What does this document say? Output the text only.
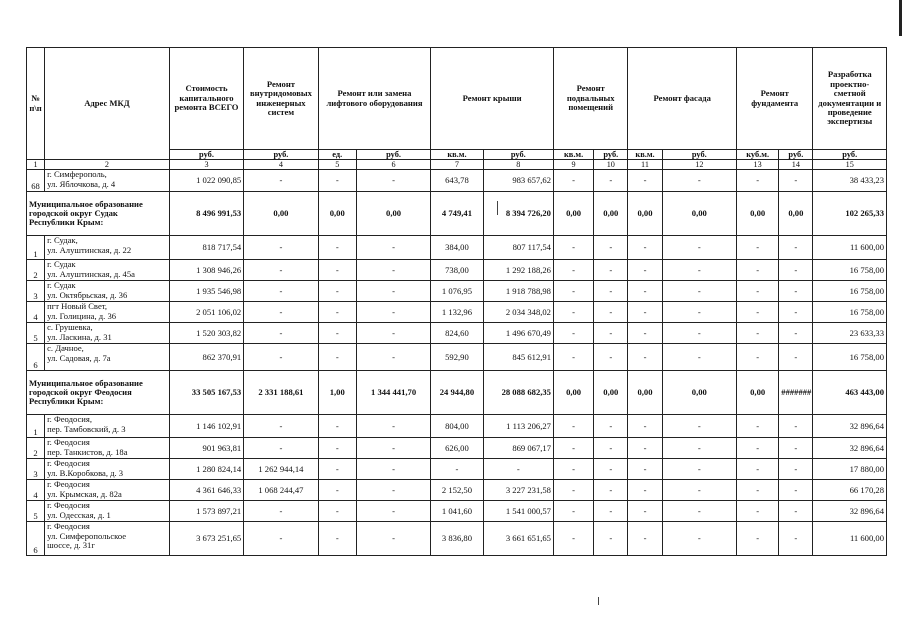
№ п\п	Адрес МКД	Стоимость капитального ремонта ВСЕГО	Ремонт внутридомовых инженерных систем	Ремонт или замена лифтового оборудования		Ремонт крыши		Ремонт подвальных помещений		Ремонт фасада		Ремонт фундамента		Разработка проектно-сметной документации и проведение экспертизы
		руб.	руб.	ед.	руб.	кв.м.	руб.	кв.м.	руб.	кв.м.	руб.	куб.м.	руб.	руб.
1	2	3	4	5	6	7	8	9	10	11	12	13	14	15
68	г. Симферополь,
ул. Яблочкова, д. 4	1 022 090,85	-	-	-	643,78	983 657,62	-	-	-	-	-	-	38 433,23
Муниципальное образование
городской округ Судак
Республики Крым:		8 496 991,53	0,00	0,00	0,00	4 749,41	8 394 726,20	0,00	0,00	0,00	0,00	0,00	0,00	102 265,33
1	г. Судак,
ул. Алуштинская, д. 22	818 717,54	-	-	-	384,00	807 117,54	-	-	-	-	-	-	11 600,00
2	г. Судак
ул. Алуштинская, д. 45а	1 308 946,26	-	-	-	738,00	1 292 188,26	-	-	-	-	-	-	16 758,00
3	г. Судак
ул. Октябрьская, д. 36	1 935 546,98	-	-	-	1 076,95	1 918 788,98	-	-	-	-	-	-	16 758,00
4	пгт Новый Свет,
ул. Голицина, д. 36	2 051 106,02	-	-	-	1 132,96	2 034 348,02	-	-	-	-	-	-	16 758,00
5	с. Грушевка,
ул. Ласкина, д. 31	1 520 303,82	-	-	-	824,60	1 496 670,49	-	-	-	-	-	-	23 633,33
6	с. Дачное,
ул. Садовая, д. 7а	862 370,91	-	-	-	592,90	845 612,91	-	-	-	-	-	-	16 758,00
Муниципальное образование
городской округ Феодосия
Республики Крым:		33 505 167,53	2 331 188,61	1,00	1 344 441,70	24 944,80	28 088 682,35	0,00	0,00	0,00	0,00	0,00	#######	463 443,00
1	г. Феодосия,
пер. Тамбовский, д. 3	1 146 102,91	-	-	-	804,00	1 113 206,27	-	-	-	-	-	-	32 896,64
2	г. Феодосия
пер. Танкистов, д. 18а	901 963,81	-	-	-	626,00	869 067,17	-	-	-	-	-	-	32 896,64
3	г. Феодосия
ул. В.Коробкова, д. 3	1 280 824,14	1 262 944,14	-	-	-	-	-	-	-	-	-	-	17 880,00
4	г. Феодосия
ул. Крымская, д. 82а	4 361 646,33	1 068 244,47	-	-	2 152,50	3 227 231,58	-	-	-	-	-	-	66 170,28
5	г. Феодосия
ул. Одесская, д. 1	1 573 897,21	-	-	-	1 041,60	1 541 000,57	-	-	-	-	-	-	32 896,64
6	г. Феодосия
ул. Симферопольское
шоссе, д. 31г	3 673 251,65	-	-	-	3 836,80	3 661 651,65	-	-	-	-	-	-	11 600,00
